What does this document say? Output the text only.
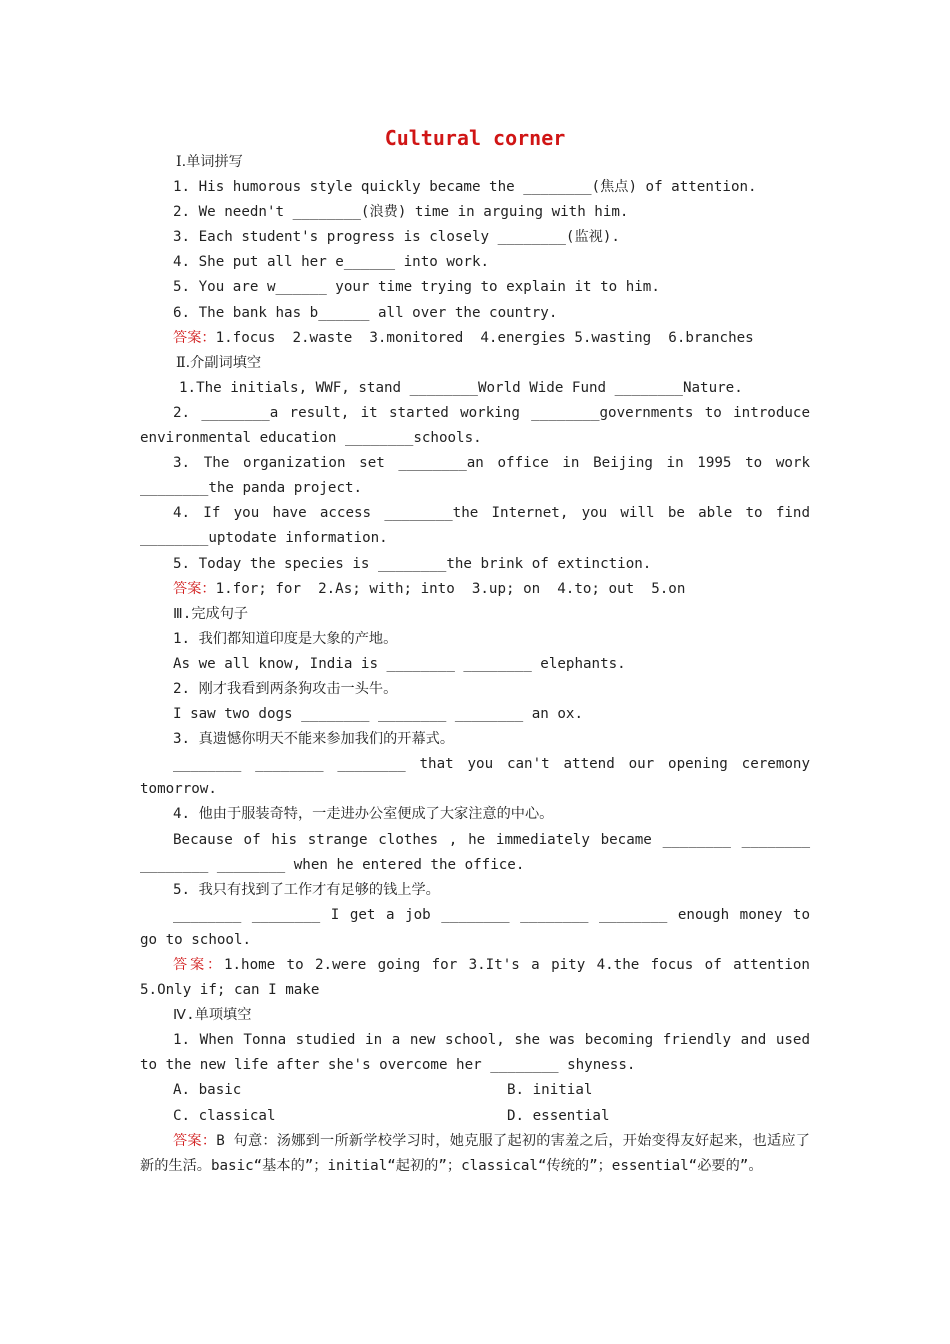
Cultural corner
Ⅰ.单词拼写
1. His humorous style quickly became the ________(焦点) of attention.
2. We needn't ________(浪费) time in arguing with him.
3. Each student's progress is closely ________(监视).
4. She put all her e______ into work.
5. You are w______ your time trying to explain it to him.
6. The bank has b______ all over the country.
答案：1.focus  2.waste  3.monitored  4.energies 5.wasting  6.branches
Ⅱ.介副词填空
1.The initials, WWF, stand ________World Wide Fund ________Nature.
2. ________a result, it started working ________governments to introduce environmental education ________schools.
3. The organization set ________an office in Beijing in 1995 to work ________the panda project.
4. If you have access ________the Internet, you will be able to find ________uptodate information.
5. Today the species is ________the brink of extinction.
答案：1.for; for  2.As; with; into  3.up; on  4.to; out  5.on
Ⅲ.完成句子
1. 我们都知道印度是大象的产地。
As we all know, India is ________ ________ elephants.
2. 刚才我看到两条狗攻击一头牛。
I saw two dogs ________ ________ ________ an ox.
3. 真遗憾你明天不能来参加我们的开幕式。
________ ________ ________ that you can't attend our opening ceremony tomorrow.
4. 他由于服装奇特，一走进办公室便成了大家注意的中心。
Because of his strange clothes , he immediately became ________ ________ ________ ________ when he entered the office.
5. 我只有找到了工作才有足够的钱上学。
________ ________ I get a job ________ ________ ________ enough money to go to school.
答案：1.home to 2.were going for 3.It's a pity 4.the focus of attention 5.Only if; can I make
Ⅳ.单项填空
1. When Tonna studied in a new school, she was becoming friendly and used to the new life after she's overcome her ________ shyness.
A. basic	B. initial
C. classical	D. essential
答案：B 句意：汤娜到一所新学校学习时，她克服了起初的害羞之后，开始变得友好起来，也适应了新的生活。basic“基本的”；initial“起初的”；classical“传统的”；essential“必要的”。
